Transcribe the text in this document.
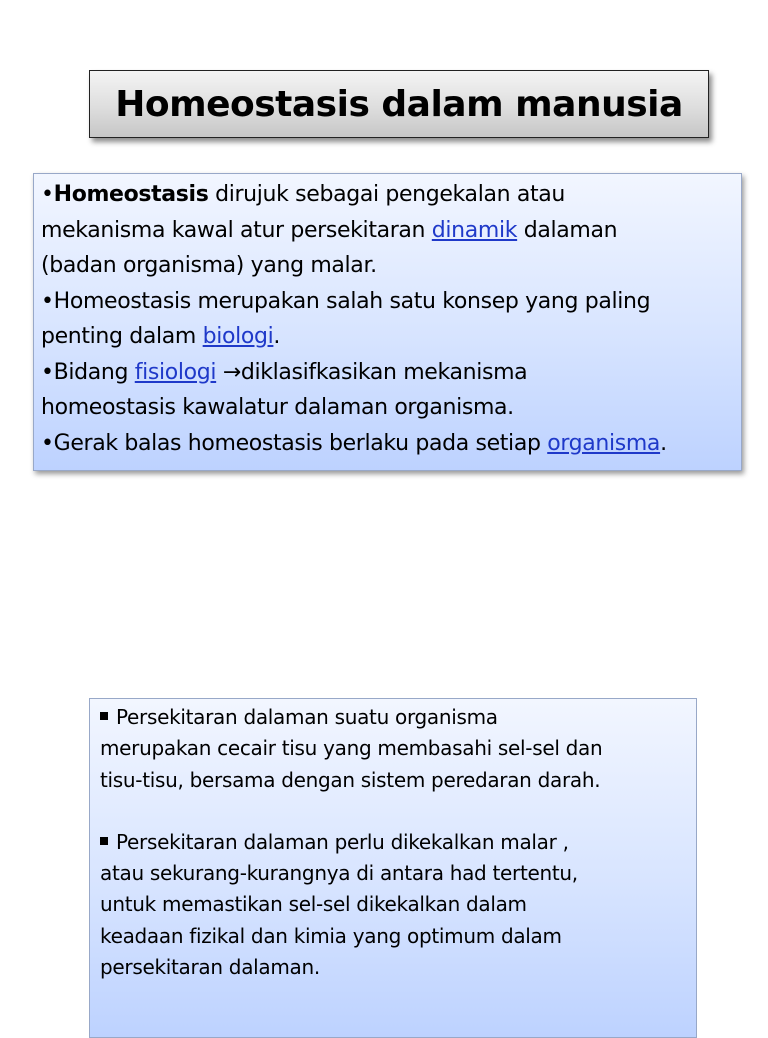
Homeostasis dalam manusia

•Homeostasis dirujuk sebagai pengekalan atau

mekanisma kawal atur persekitaran dinamik dalaman

(badan organisma) yang malar.

•Homeostasis merupakan salah satu konsep yang paling

penting dalam biologi.

•Bidang fisiologi →diklasifkasikan mekanisma

homeostasis kawalatur dalaman organisma.

•Gerak balas homeostasis berlaku pada setiap organisma.

Persekitaran dalaman suatu organisma

merupakan cecair tisu yang membasahi sel-sel dan

tisu-tisu, bersama dengan sistem peredaran darah.

Persekitaran dalaman perlu dikekalkan malar ,

atau sekurang-kurangnya di antara had tertentu,

untuk memastikan sel-sel dikekalkan dalam

keadaan fizikal dan kimia yang optimum dalam

persekitaran dalaman.
